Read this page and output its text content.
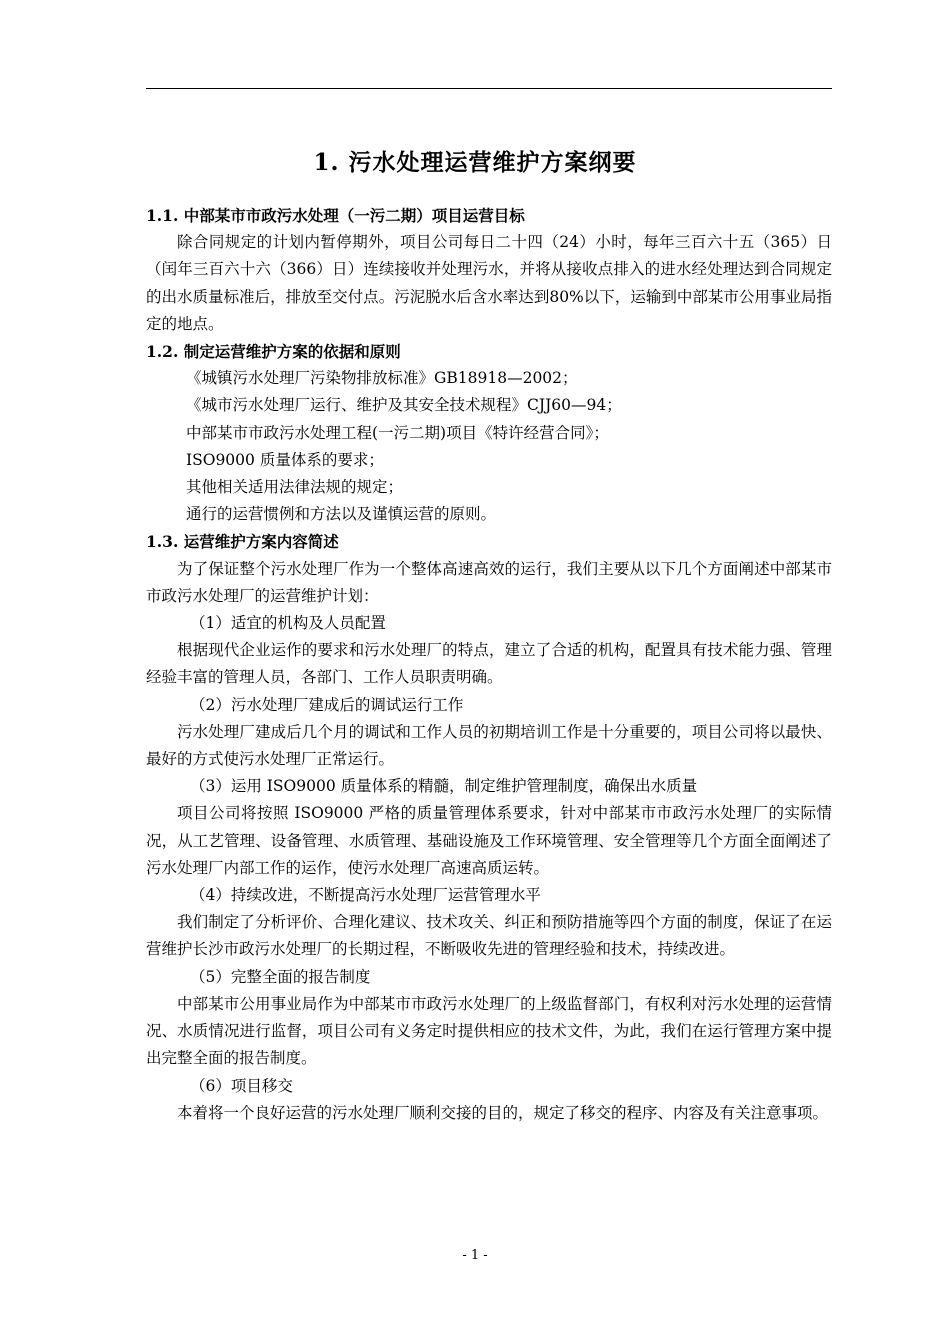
1. 污水处理运营维护方案纲要

1.1. 中部某市市政污水处理（一污二期）项目运营目标

除合同规定的计划内暂停期外，项目公司每日二十四（24）小时，每年三百六十五（365）日（闰年三百六十六（366）日）连续接收并处理污水，并将从接收点排入的进水经处理达到合同规定的出水质量标准后，排放至交付点。污泥脱水后含水率达到80%以下，运输到中部某市公用事业局指定的地点。

1.2. 制定运营维护方案的依据和原则

《城镇污水处理厂污染物排放标准》GB18918—2002；

《城市污水处理厂运行、维护及其安全技术规程》CJJ60—94；

中部某市市政污水处理工程(一污二期)项目《特许经营合同》；

ISO9000 质量体系的要求；

其他相关适用法律法规的规定；

通行的运营惯例和方法以及谨慎运营的原则。

1.3. 运营维护方案内容简述

为了保证整个污水处理厂作为一个整体高速高效的运行，我们主要从以下几个方面阐述中部某市市政污水处理厂的运营维护计划：

（1）适宜的机构及人员配置

根据现代企业运作的要求和污水处理厂的特点，建立了合适的机构，配置具有技术能力强、管理经验丰富的管理人员，各部门、工作人员职责明确。

（2）污水处理厂建成后的调试运行工作

污水处理厂建成后几个月的调试和工作人员的初期培训工作是十分重要的，项目公司将以最快、最好的方式使污水处理厂正常运行。

（3）运用 ISO9000 质量体系的精髓，制定维护管理制度，确保出水质量

项目公司将按照 ISO9000 严格的质量管理体系要求，针对中部某市市政污水处理厂的实际情况，从工艺管理、设备管理、水质管理、基础设施及工作环境管理、安全管理等几个方面全面阐述了污水处理厂内部工作的运作，使污水处理厂高速高质运转。

（4）持续改进，不断提高污水处理厂运营管理水平

我们制定了分析评价、合理化建议、技术攻关、纠正和预防措施等四个方面的制度，保证了在运营维护长沙市政污水处理厂的长期过程，不断吸收先进的管理经验和技术，持续改进。

（5）完整全面的报告制度

中部某市公用事业局作为中部某市市政污水处理厂的上级监督部门，有权利对污水处理的运营情况、水质情况进行监督，项目公司有义务定时提供相应的技术文件，为此，我们在运行管理方案中提出完整全面的报告制度。

（6）项目移交

本着将一个良好运营的污水处理厂顺利交接的目的，规定了移交的程序、内容及有关注意事项。

- 1 -
